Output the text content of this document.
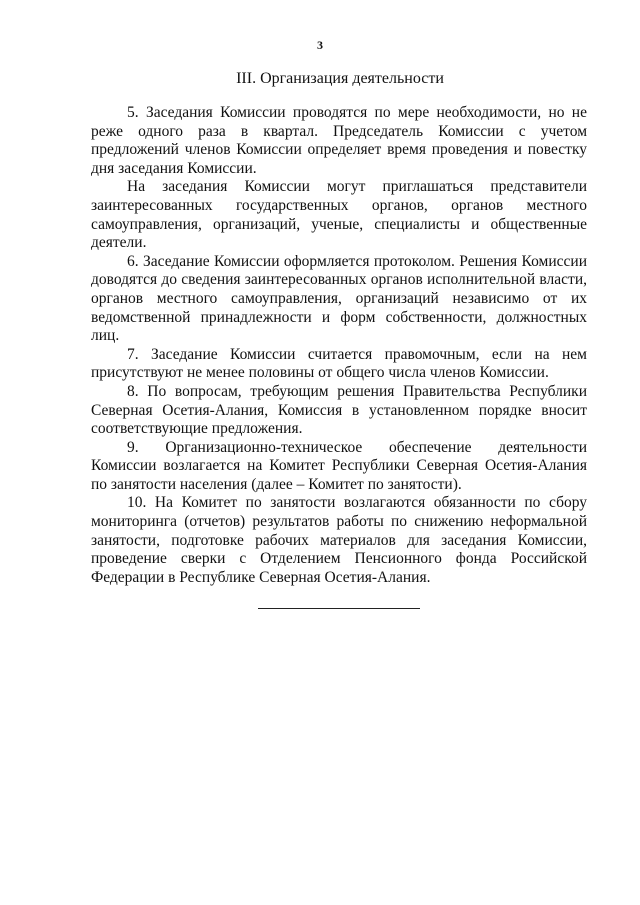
3
III. Организация деятельности

5. Заседания Комиссии проводятся по мере необходимости, но не реже одного раза в квартал. Председатель Комиссии с учетом предложений членов Комиссии определяет время проведения и повестку дня заседания Комиссии.

На заседания Комиссии могут приглашаться представители заинтересованных государственных органов, органов местного самоуправления, организаций, ученые, специалисты и общественные деятели.

6. Заседание Комиссии оформляется протоколом. Решения Комиссии доводятся до сведения заинтересованных органов исполнительной власти, органов местного самоуправления, организаций независимо от их ведомственной принадлежности и форм собственности, должностных лиц.

7. Заседание Комиссии считается правомочным, если на нем присутствуют не менее половины от общего числа членов Комиссии.

8. По вопросам, требующим решения Правительства Республики Северная Осетия-Алания, Комиссия в установленном порядке вносит соответствующие предложения.

9. Организационно-техническое обеспечение деятельности Комиссии возлагается на Комитет Республики Северная Осетия-Алания по занятости населения (далее – Комитет по занятости).

10. На Комитет по занятости возлагаются обязанности по сбору мониторинга (отчетов) результатов работы по снижению неформальной занятости, подготовке рабочих материалов для заседания Комиссии, проведение сверки с Отделением Пенсионного фонда Российской Федерации в Республике Северная Осетия-Алания.
